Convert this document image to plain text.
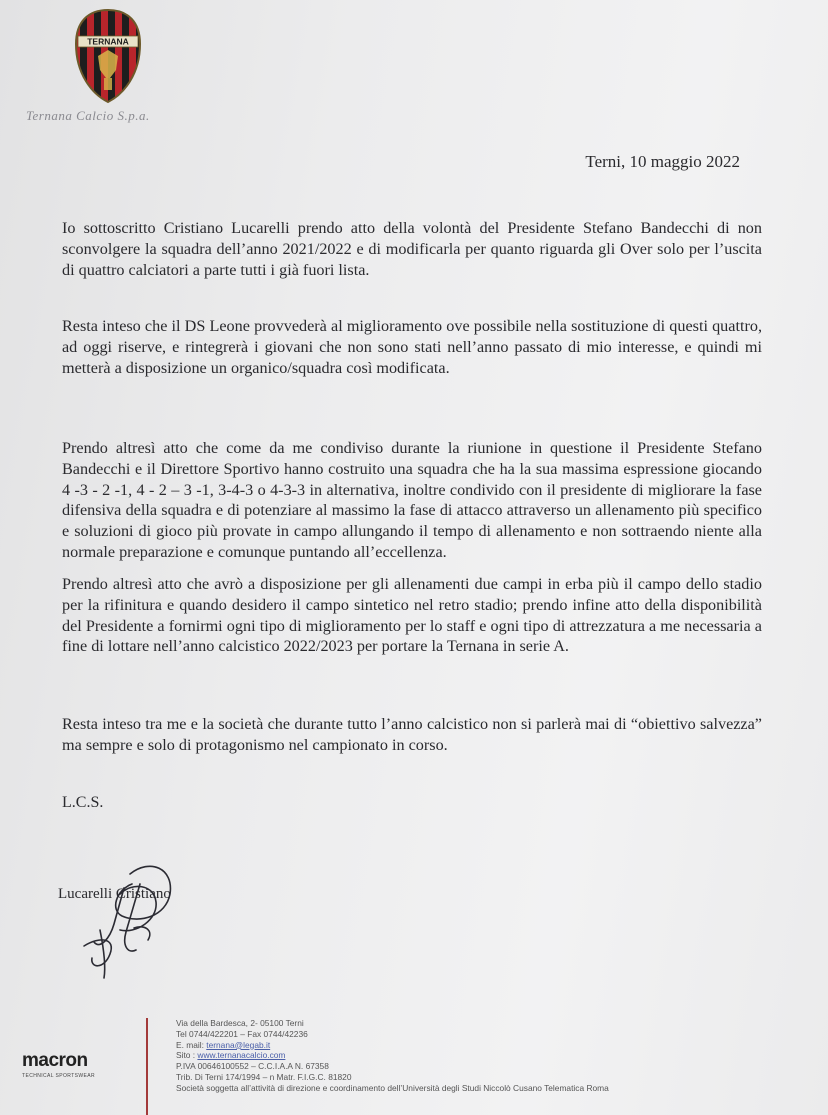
TERNANA
Ternana Calcio S.p.a.
Terni, 10 maggio 2022

Io sottoscritto Cristiano Lucarelli prendo atto della volontà del Presidente Stefano Bandecchi di non sconvolgere la squadra dell’anno 2021/2022 e di modificarla per quanto riguarda gli Over solo per l’uscita di quattro calciatori a parte tutti i già fuori lista.

Resta inteso che il DS Leone provvederà al miglioramento ove possibile nella sostituzione di questi quattro, ad oggi riserve, e rintegrerà i giovani che non sono stati nell’anno passato di mio interesse, e quindi mi metterà a disposizione un organico/squadra così modificata.

Prendo altresì atto che come da me condiviso durante la riunione in questione il Presidente Stefano Bandecchi e il Direttore Sportivo hanno costruito una squadra che ha la sua massima espressione giocando 4 -3 - 2 -1, 4 - 2 – 3 -1, 3-4-3 o 4-3-3 in alternativa, inoltre condivido con il presidente di migliorare la fase difensiva della squadra e di potenziare al massimo la fase di attacco attraverso un allenamento più specifico e soluzioni di gioco più provate in campo allungando il tempo di allenamento e non sottraendo niente alla normale preparazione e comunque puntando all’eccellenza.

Prendo altresì atto che avrò a disposizione per gli allenamenti due campi in erba più il campo dello stadio per la rifinitura e quando desidero il campo sintetico nel retro stadio; prendo infine atto della disponibilità del Presidente a fornirmi ogni tipo di miglioramento per lo staff e ogni tipo di attrezzatura a me necessaria a fine di lottare nell’anno calcistico 2022/2023 per portare la Ternana in serie A.

Resta inteso tra me e la società che durante tutto l’anno calcistico non si parlerà mai di “obiettivo salvezza” ma sempre e solo di protagonismo nel campionato in corso.

L.C.S.
Lucarelli Cristiano
macron
TECHNICAL SPORTSWEAR
Via della Bardesca, 2- 05100 Terni
Tel 0744/422201 – Fax 0744/42236
E. mail: ternana@legab.it
Sito : www.ternanacalcio.com
P.IVA 00646100552 – C.C.I.A.A N. 67358
Trib. Di Terni 174/1994 – n Matr. F.I.G.C. 81820
Società soggetta all’attività di direzione e coordinamento dell’Università degli Studi Niccolò Cusano Telematica Roma
